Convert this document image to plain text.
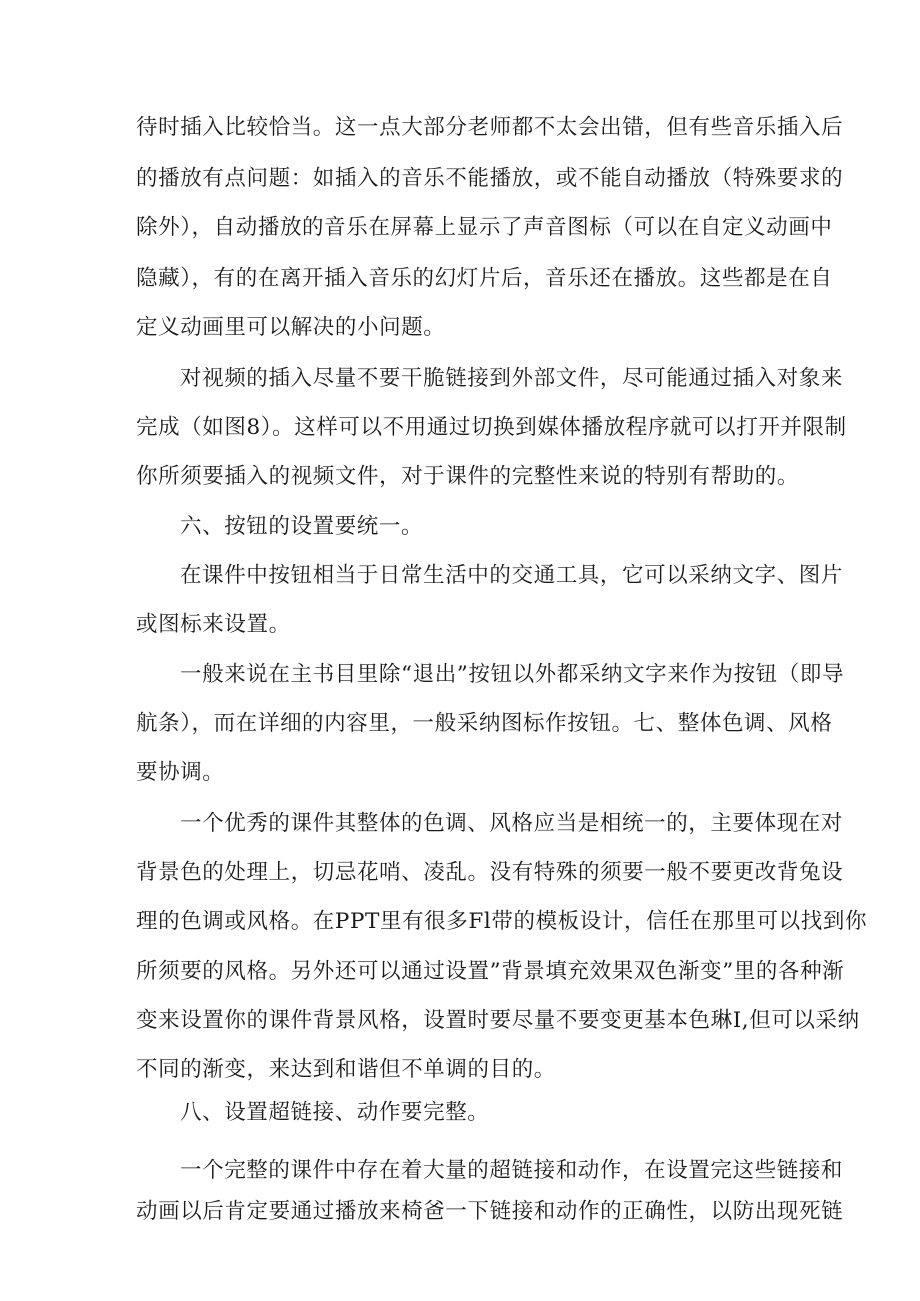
待时插入比较恰当。这一点大部分老师都不太会出错，但有些音乐插入后
的播放有点问题：如插入的音乐不能播放，或不能自动播放（特殊要求的
除外），自动播放的音乐在屏幕上显示了声音图标（可以在自定义动画中
隐藏），有的在离开插入音乐的幻灯片后，音乐还在播放。这些都是在自
定义动画里可以解决的小问题。
对视频的插入尽量不要干脆链接到外部文件，尽可能通过插入对象来
完成（如图8）。这样可以不用通过切换到媒体播放程序就可以打开并限制
你所须要插入的视频文件，对于课件的完整性来说的特别有帮助的。
六、按钮的设置要统一。
在课件中按钮相当于日常生活中的交通工具，它可以采纳文字、图片
或图标来设置。
一般来说在主书目里除“退出”按钮以外都采纳文字来作为按钮（即导
航条），而在详细的内容里，一般采纳图标作按钮。七、整体色调、风格
要协调。
一个优秀的课件其整体的色调、风格应当是相统一的，主要体现在对
背景色的处理上，切忌花哨、凌乱。没有特殊的须要一般不要更改背兔设
理的色调或风格。在PPT里有很多Fl带的模板设计，信任在那里可以找到你
所须要的风格。另外还可以通过设置”背景填充效果双色渐变”里的各种渐
变来设置你的课件背景风格，设置时要尽量不要变更基本色琳I,但可以采纳
不同的渐变，来达到和谐但不单调的目的。
八、设置超链接、动作要完整。
一个完整的课件中存在着大量的超链接和动作，在设置完这些链接和
动画以后肯定要通过播放来椅爸一下链接和动作的正确性，以防出现死链
